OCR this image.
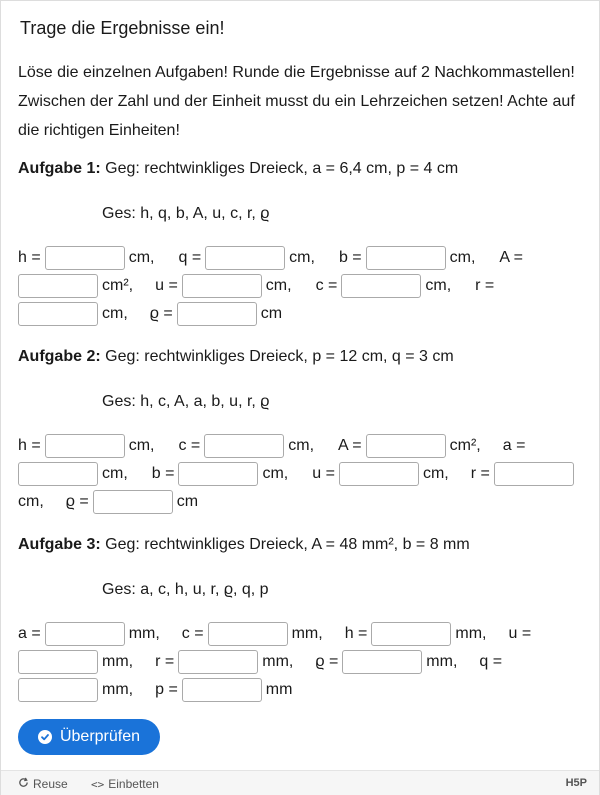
Trage die Ergebnisse ein!
Löse die einzelnen Aufgaben! Runde die Ergebnisse auf 2 Nachkommastellen! Zwischen der Zahl und der Einheit musst du ein Lehrzeichen setzen! Achte auf die richtigen Einheiten!
Aufgabe 1: Geg: rechtwinkliges Dreieck, a = 6,4 cm, p = 4 cm
Ges: h, q, b, A, u, c, r, ϱ
h =	cm, q =	cm, b =	cm, A =
cm², u =	cm, c =	cm, r =
cm, ϱ =	cm
Aufgabe 2: Geg: rechtwinkliges Dreieck, p = 12 cm, q = 3 cm
Ges: h, c, A, a, b, u, r, ϱ
h =	cm, c =	cm, A =	cm², a =
cm, b =	cm, u =	cm, r =
cm, ϱ =	cm
Aufgabe 3: Geg: rechtwinkliges Dreieck, A = 48 mm², b = 8 mm
Ges: a, c, h, u, r, ϱ, q, p
a =	mm, c =	mm, h =	mm, u =
mm, r =	mm, ϱ =	mm, q =
mm, p =	mm
Überprüfen
Reuse <> Einbetten	H5P
